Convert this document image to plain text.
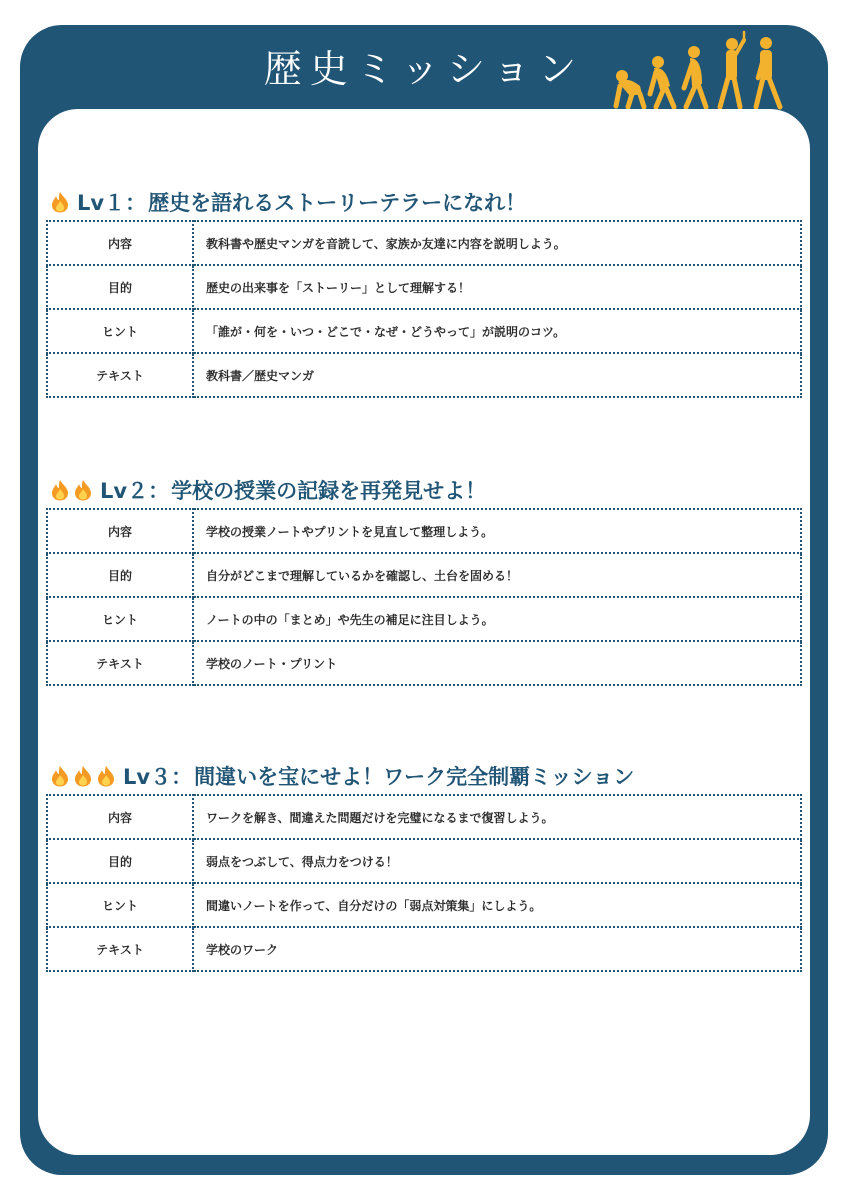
歴史ミッション
Lv１： 歴史を語れるストーリーテラーになれ！
内容	教科書や歴史マンガを音読して、家族か友達に内容を説明しよう。
目的	歴史の出来事を「ストーリー」として理解する！
ヒント	「誰が・何を・いつ・どこで・なぜ・どうやって」が説明のコツ。
テキスト	教科書／歴史マンガ
Lv２： 学校の授業の記録を再発見せよ！
内容	学校の授業ノートやプリントを見直して整理しよう。
目的	自分がどこまで理解しているかを確認し、土台を固める！
ヒント	ノートの中の「まとめ」や先生の補足に注目しよう。
テキスト	学校のノート・プリント
Lv３： 間違いを宝にせよ！ワーク完全制覇ミッション
内容	ワークを解き、間違えた問題だけを完璧になるまで復習しよう。
目的	弱点をつぶして、得点力をつける！
ヒント	間違いノートを作って、自分だけの「弱点対策集」にしよう。
テキスト	学校のワーク
